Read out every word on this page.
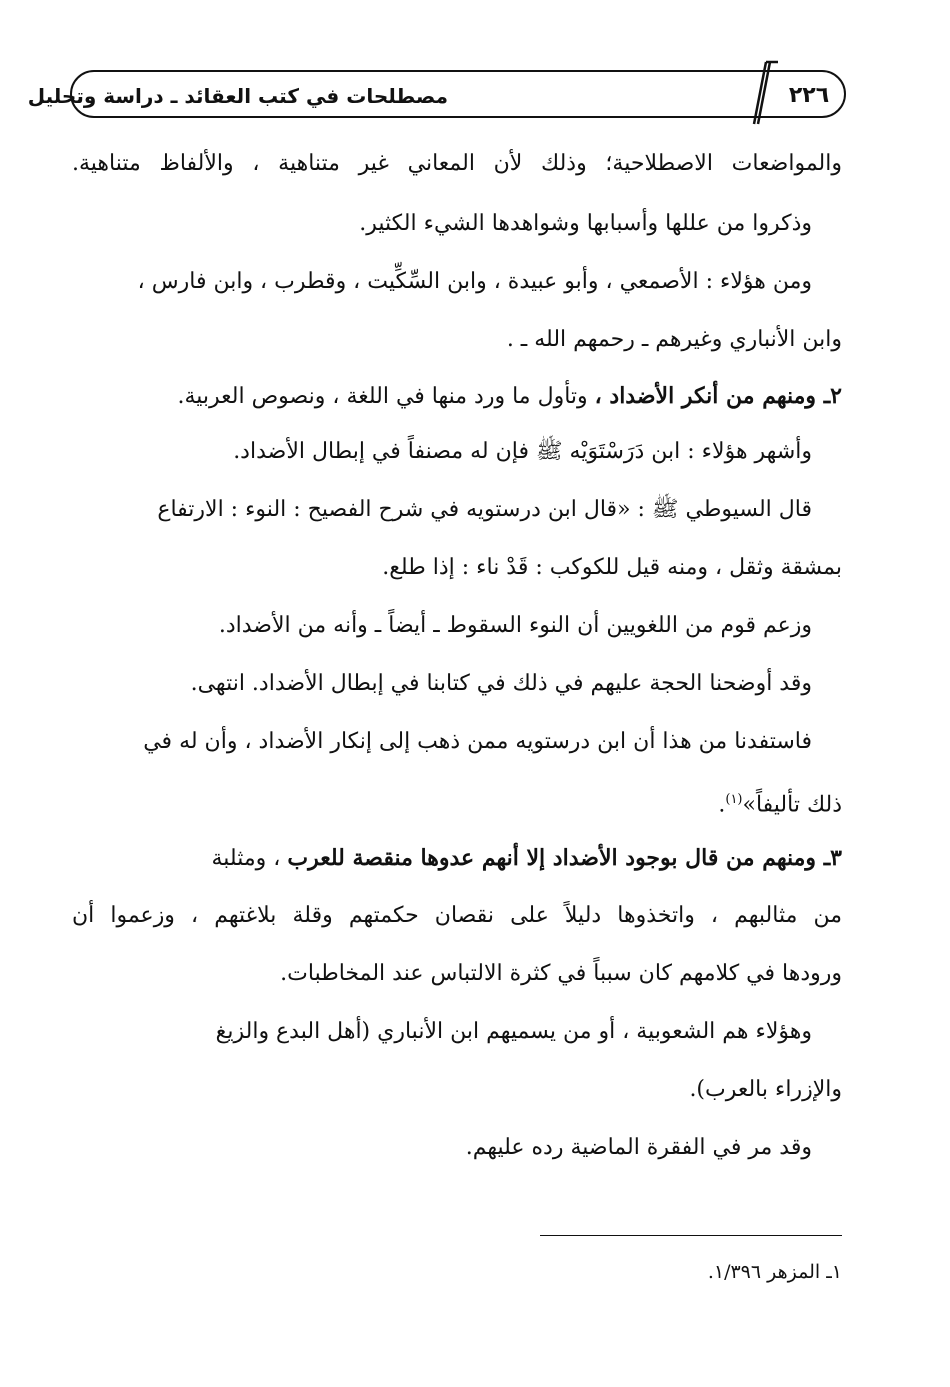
مصطلحات في كتب العقائد ـ دراسة وتحليل	٢٢٦
والمواضعات الاصطلاحية؛ وذلك لأن المعاني غير متناهية ، والألفاظ متناهية.
وذكروا من عللها وأسبابها وشواهدها الشيء الكثير.
ومن هؤلاء : الأصمعي ، وأبو عبيدة ، وابن السِّكِّيت ، وقطرب ، وابن فارس ،
وابن الأنباري وغيرهم ـ رحمهم الله ـ .
٢ـ ومنهم من أنكر الأضداد ، وتأول ما ورد منها في اللغة ، ونصوص العربية.
وأشهر هؤلاء : ابن دَرَسْتَوَيْه ﷺ فإن له مصنفاً في إبطال الأضداد.
قال السيوطي ﷺ : «قال ابن درستويه في شرح الفصيح : النوء : الارتفاع
بمشقة وثقل ، ومنه قيل للكوكب : قَدْ ناء : إذا طلع.
وزعم قوم من اللغويين أن النوء السقوط ـ أيضاً ـ وأنه من الأضداد.
وقد أوضحنا الحجة عليهم في ذلك في كتابنا في إبطال الأضداد. انتهى.
فاستفدنا من هذا أن ابن درستويه ممن ذهب إلى إنكار الأضداد ، وأن له في
ذلك تأليفاً»$^{(١)}$.
٣ـ ومنهم من قال بوجود الأضداد إلا أنهم عدوها منقصة للعرب ، ومثلبة
من مثالبهم ، واتخذوها دليلاً على نقصان حكمتهم وقلة بلاغتهم ، وزعموا أن
ورودها في كلامهم كان سبباً في كثرة الالتباس عند المخاطبات.
وهؤلاء هم الشعوبية ، أو من يسميهم ابن الأنباري (أهل البدع والزيغ
والإزراء بالعرب).
وقد مر في الفقرة الماضية رده عليهم.
١ـ المزهر ١/٣٩٦.
